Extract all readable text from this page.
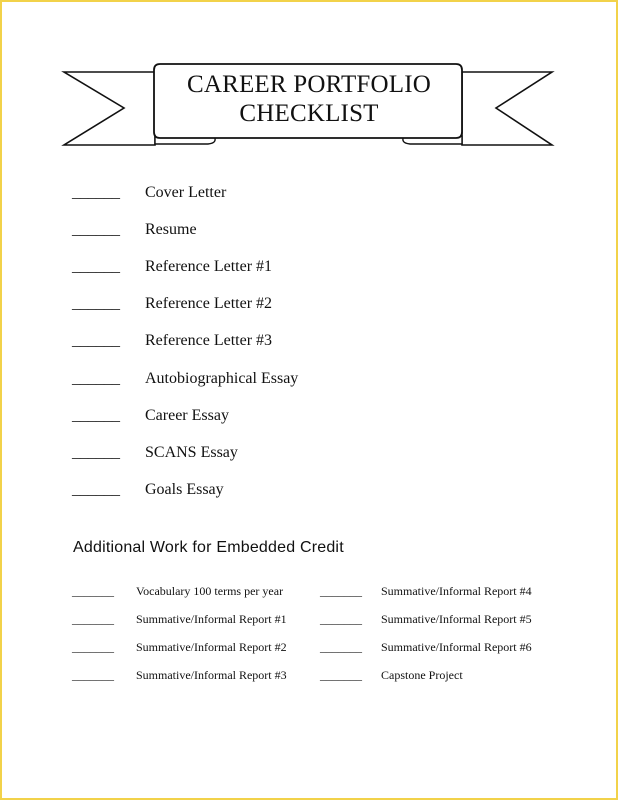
CAREER PORTFOLIO
CHECKLIST
______ Cover Letter
______ Resume
______ Reference Letter #1
______ Reference Letter #2
______ Reference Letter #3
______ Autobiographical Essay
______ Career Essay
______ SCANS Essay
______ Goals Essay
Additional Work for Embedded Credit
_______ Vocabulary 100 terms per year
_______ Summative/Informal Report #1
_______ Summative/Informal Report #2
_______ Summative/Informal Report #3
_______ Summative/Informal Report #4
_______ Summative/Informal Report #5
_______ Summative/Informal Report #6
_______ Capstone Project
